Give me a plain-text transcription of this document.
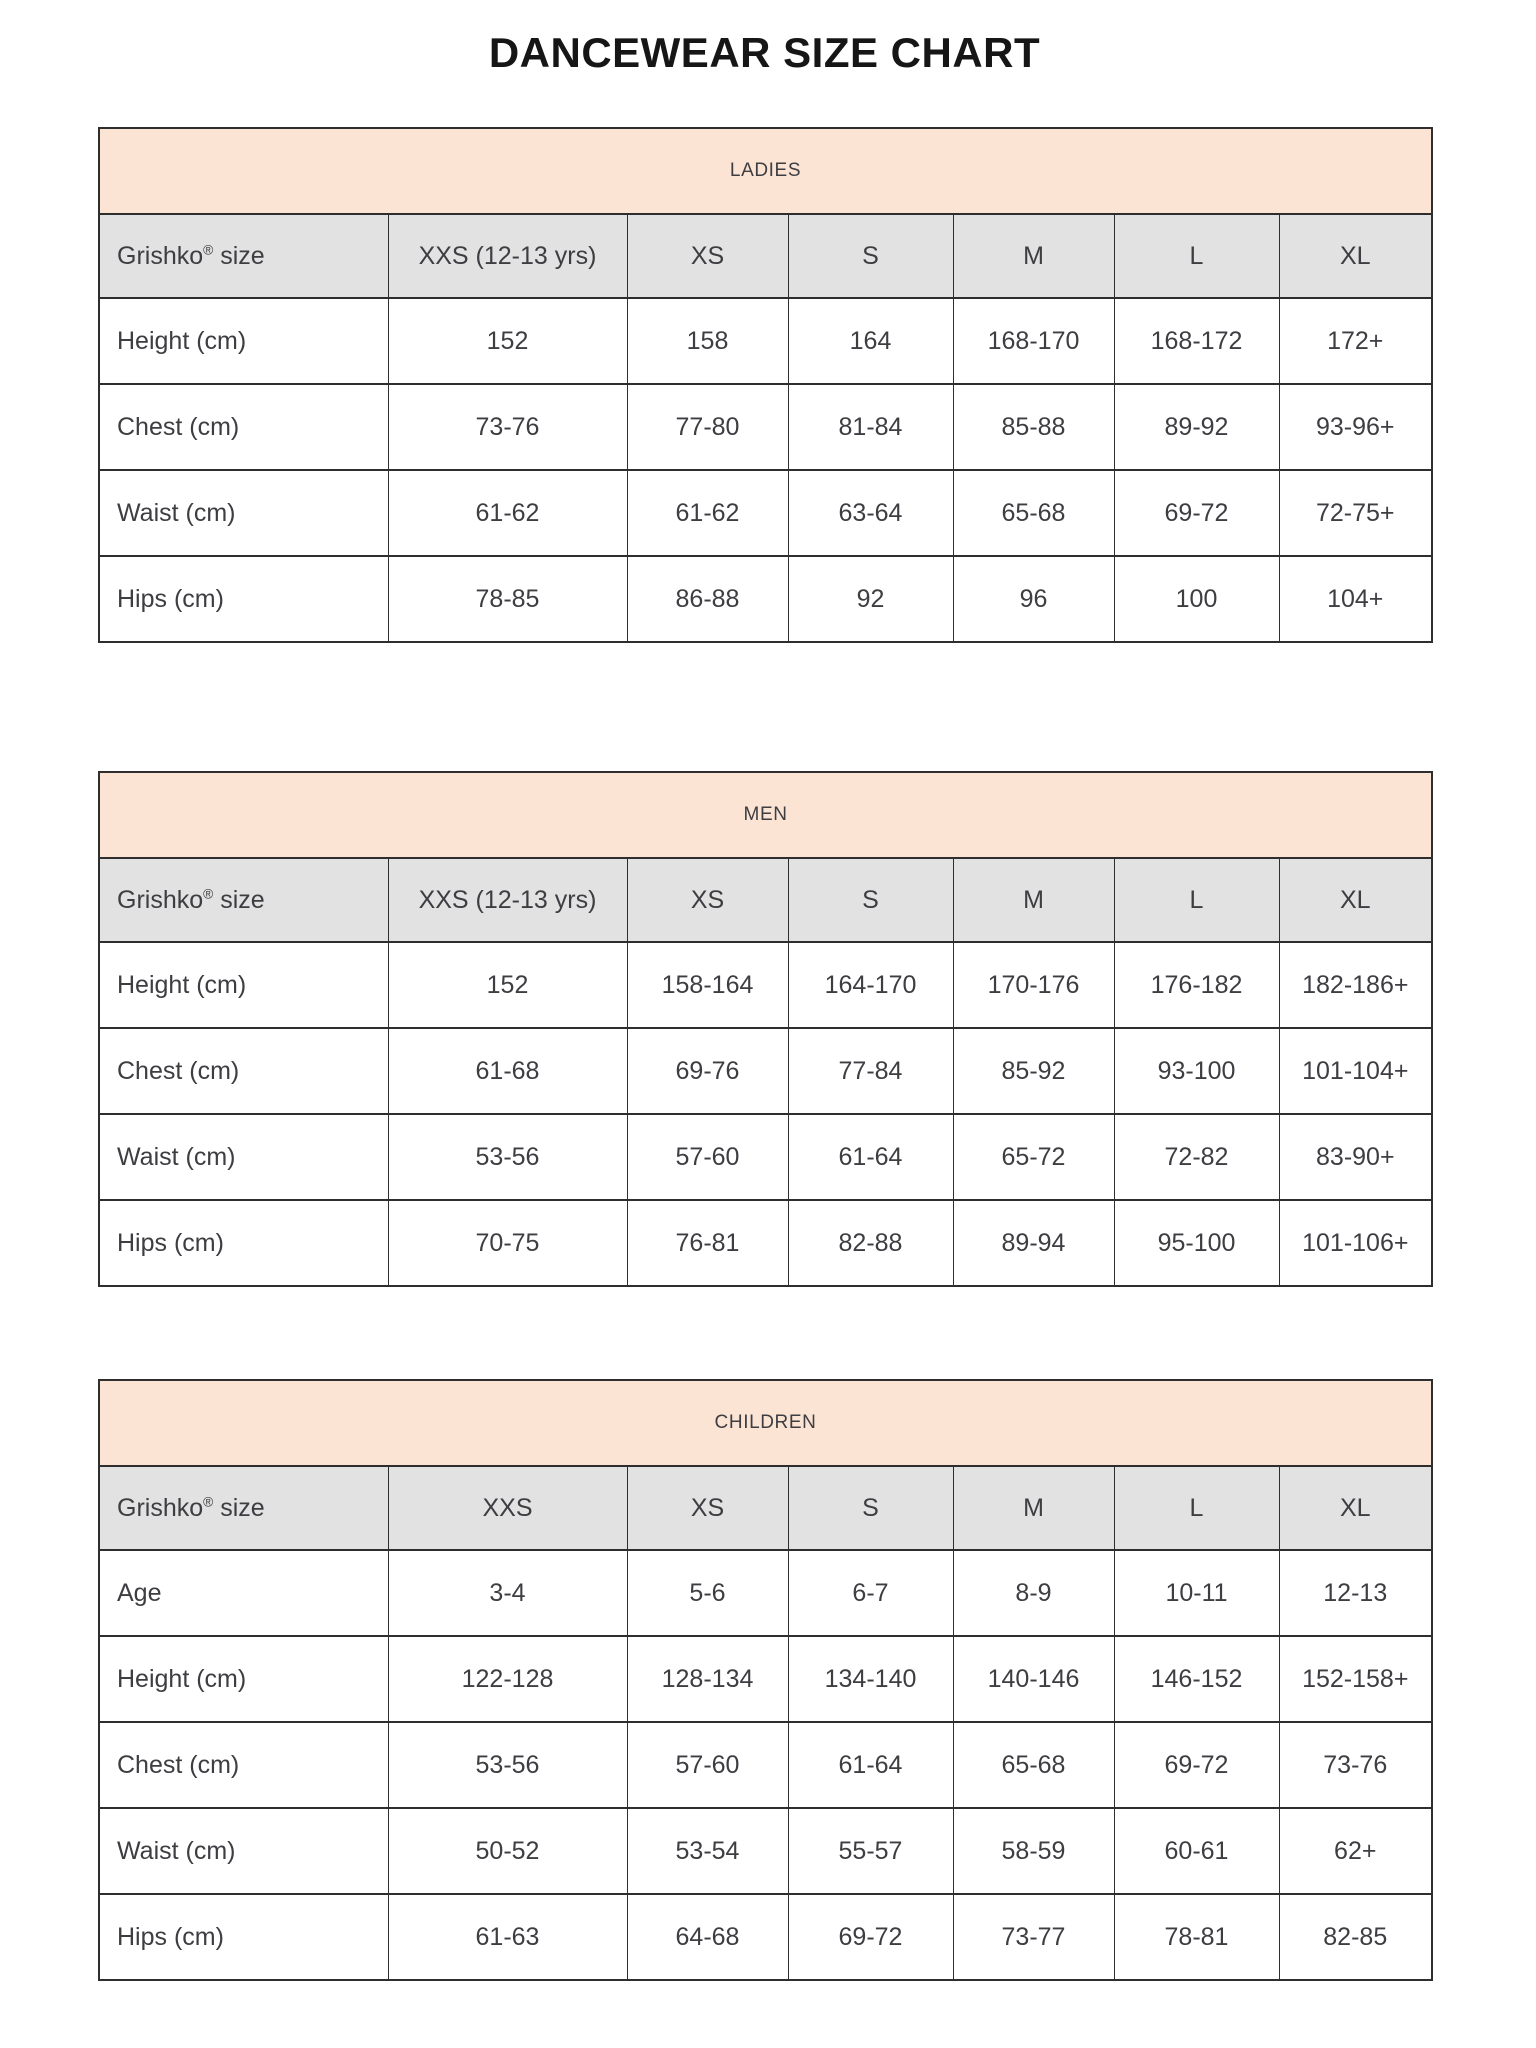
DANCEWEAR SIZE CHART
LADIES						
Grishko® size	XXS (12-13 yrs)	XS	S	M	L	XL
Height (cm)	152	158	164	168-170	168-172	172+
Chest (cm)	73-76	77-80	81-84	85-88	89-92	93-96+
Waist (cm)	61-62	61-62	63-64	65-68	69-72	72-75+
Hips (cm)	78-85	86-88	92	96	100	104+
MEN						
Grishko® size	XXS (12-13 yrs)	XS	S	M	L	XL
Height (cm)	152	158-164	164-170	170-176	176-182	182-186+
Chest (cm)	61-68	69-76	77-84	85-92	93-100	101-104+
Waist (cm)	53-56	57-60	61-64	65-72	72-82	83-90+
Hips (cm)	70-75	76-81	82-88	89-94	95-100	101-106+
CHILDREN						
Grishko® size	XXS	XS	S	M	L	XL
Age	3-4	5-6	6-7	8-9	10-11	12-13
Height (cm)	122-128	128-134	134-140	140-146	146-152	152-158+
Chest (cm)	53-56	57-60	61-64	65-68	69-72	73-76
Waist (cm)	50-52	53-54	55-57	58-59	60-61	62+
Hips (cm)	61-63	64-68	69-72	73-77	78-81	82-85
